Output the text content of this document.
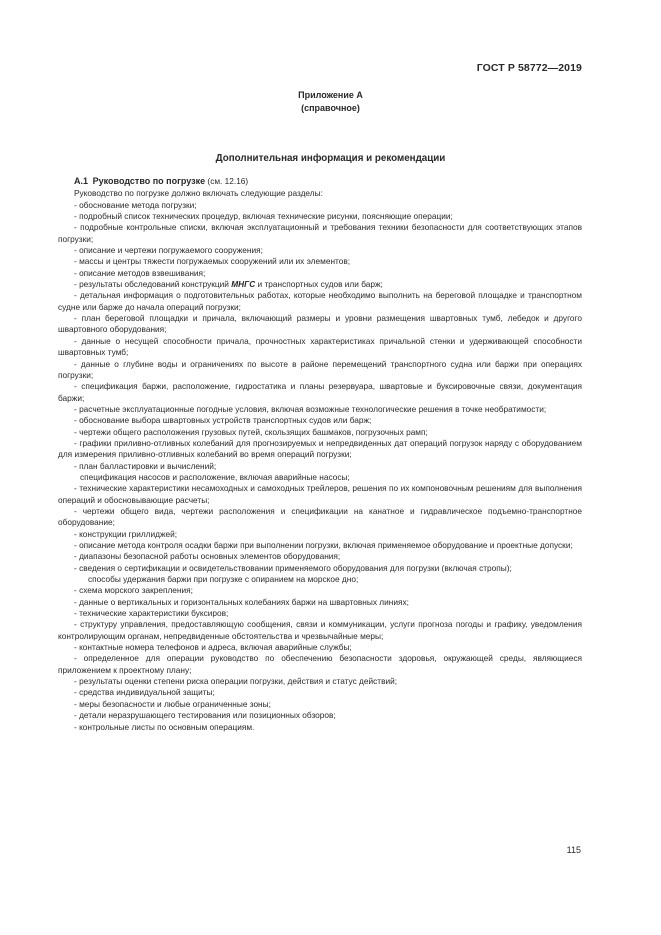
ГОСТ Р 58772—2019
Приложение А
(справочное)
Дополнительная информация и рекомендации

А.1 Руководство по погрузке (см. 12.16)

Руководство по погрузке должно включать следующие разделы:

- обоснование метода погрузки;

- подробный список технических процедур, включая технические рисунки, поясняющие операции;

- подробные контрольные списки, включая эксплуатационный и требования техники безопасности для соответствующих этапов погрузки;

- описание и чертежи погружаемого сооружения;

- массы и центры тяжести погружаемых сооружений или их элементов;

- описание методов взвешивания;

- результаты обследований конструкций МНГС и транспортных судов или барж;

- детальная информация о подготовительных работах, которые необходимо выполнить на береговой площадке и транспортном судне или барже до начала операций погрузки;

- план береговой площадки и причала, включающий размеры и уровни размещения швартовных тумб, лебедок и другого швартовного оборудования;

- данные о несущей способности причала, прочностных характеристиках причальной стенки и удерживающей способности швартовных тумб;

- данные о глубине воды и ограничениях по высоте в районе перемещений транспортного судна или баржи при операциях погрузки;

- спецификация баржи, расположение, гидростатика и планы резервуара, швартовые и буксировочные связи, документация баржи;

- расчетные эксплуатационные погодные условия, включая возможные технологические решения в точке необратимости;

- обоснование выбора швартовных устройств транспортных судов или барж;

- чертежи общего расположения грузовых путей, скользящих башмаков, погрузочных рамп;

- графики приливно-отливных колебаний для прогнозируемых и непредвиденных дат операций погрузок наряду с оборудованием для измерения приливно-отливных колебаний во время операций погрузки;

- план балластировки и вычислений;

спецификация насосов и расположение, включая аварийные насосы;

- технические характеристики несамоходных и самоходных трейлеров, решения по их компоновочным решениям для выполнения операций и обосновывающие расчеты;

- чертежи общего вида, чертежи расположения и спецификации на канатное и гидравлическое подъемно-транспортное оборудование;

- конструкции гриллиджей;

- описание метода контроля осадки баржи при выполнении погрузки, включая применяемое оборудование и проектные допуски;

- диапазоны безопасной работы основных элементов оборудования;

- сведения о сертификации и освидетельствовании применяемого оборудования для погрузки (включая стропы);

способы удержания баржи при погрузке с опиранием на морское дно;

- схема морского закрепления;

- данные о вертикальных и горизонтальных колебаниях баржи на швартовных линиях;

- технические характеристики буксиров;

- структуру управления, предоставляющую сообщения, связи и коммуникации, услуги прогноза погоды и графику, уведомления контролирующим органам, непредвиденные обстоятельства и чрезвычайные меры;

- контактные номера телефонов и адреса, включая аварийные службы;

- определенное для операции руководство по обеспечению безопасности здоровья, окружающей среды, являющиеся приложением к проектному плану;

- результаты оценки степени риска операции погрузки, действия и статус действий;

- средства индивидуальной защиты;

- меры безопасности и любые ограниченные зоны;

- детали неразрушающего тестирования или позиционных обзоров;

- контрольные листы по основным операциям.

115
